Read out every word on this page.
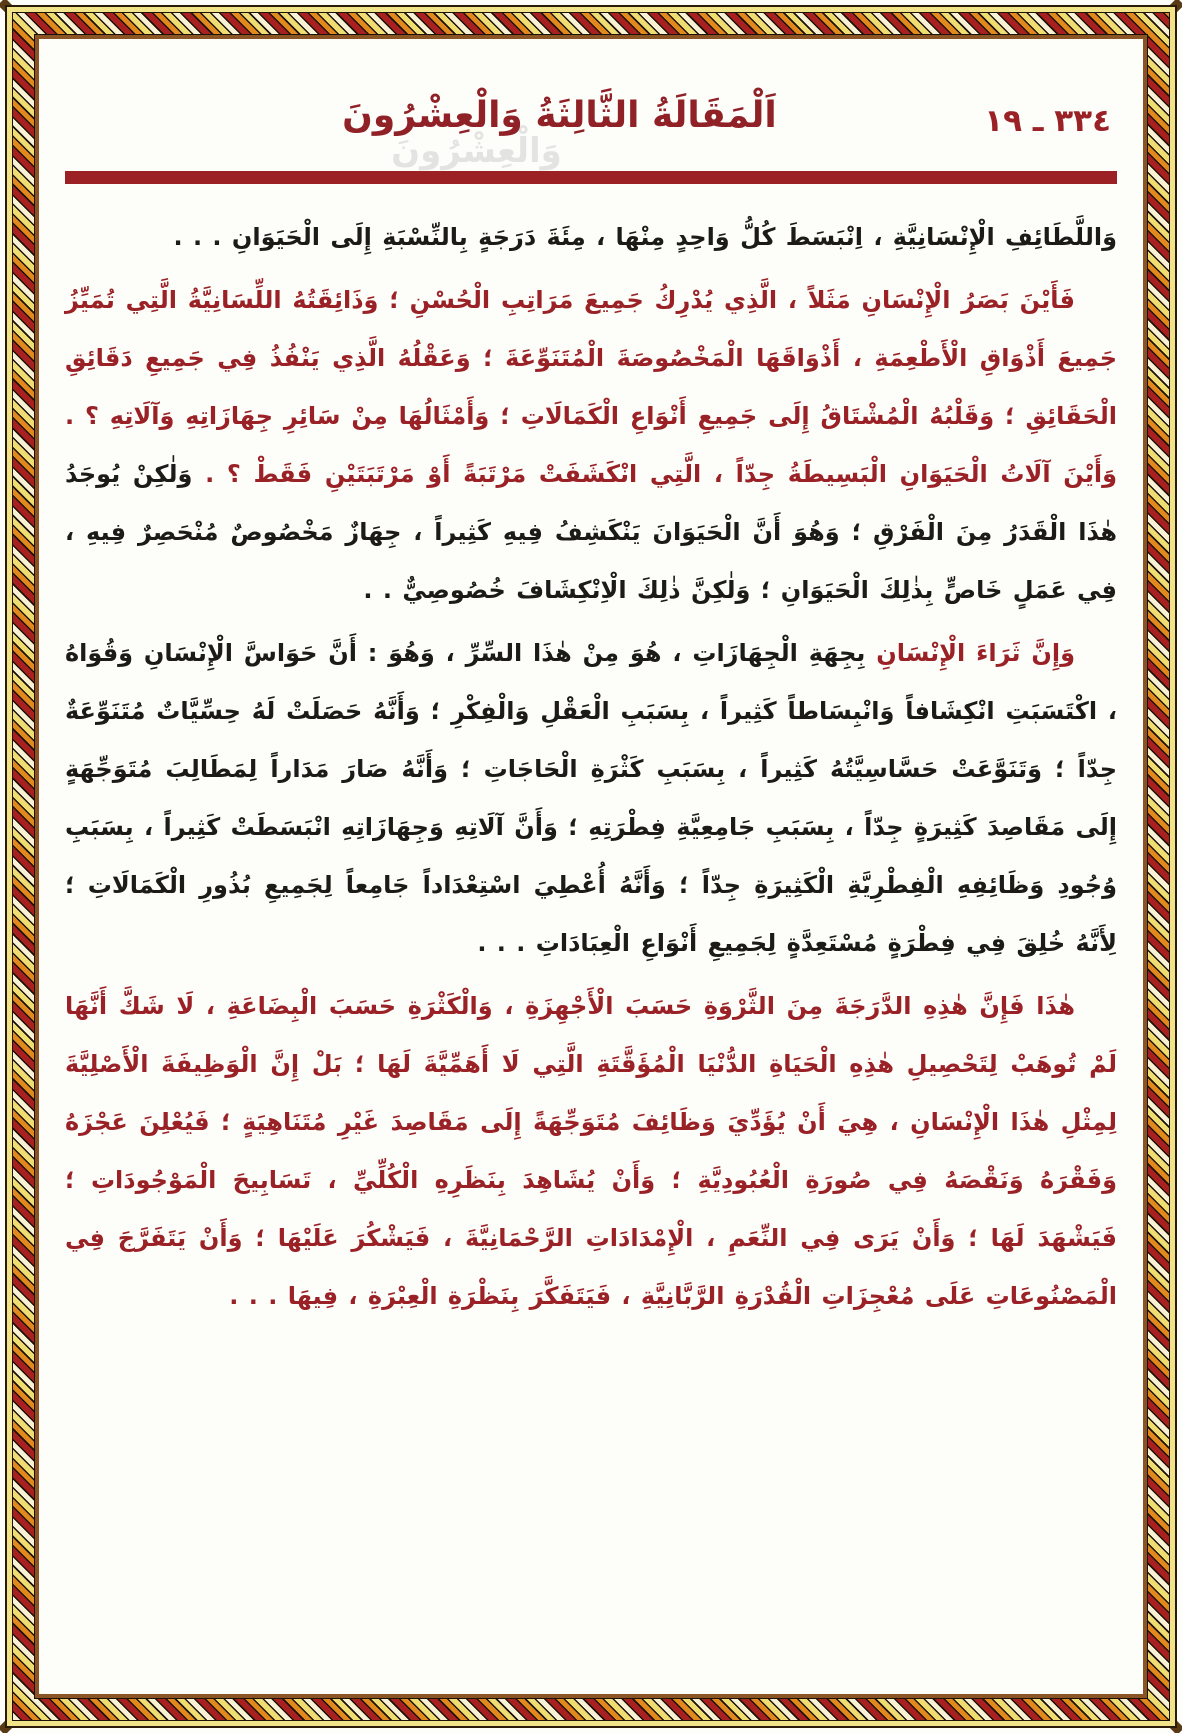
٣٣٤ ـ ١٩
وَالْعِشْرُونَ
اَلْمَقَالَةُ الثَّالِثَةُ وَالْعِشْرُونَ

وَاللَّطَائِفِ الْإِنْسَانِيَّةِ ، اِنْبَسَطَ كُلُّ وَاحِدٍ مِنْهَا ، مِئَةَ دَرَجَةٍ بِالنِّسْبَةِ إِلَى الْحَيَوَانِ . . .

فَأَيْنَ بَصَرُ الْإِنْسَانِ مَثَلاً ، الَّذِي يُدْرِكُ جَمِيعَ مَرَاتِبِ الْحُسْنِ ؛ وَذَائِقَتُهُ اللِّسَانِيَّةُ الَّتِي تُمَيِّزُ جَمِيعَ أَذْوَاقِ الْأَطْعِمَةِ ، أَذْوَاقَهَا الْمَخْصُوصَةَ الْمُتَنَوِّعَةَ ؛ وَعَقْلُهُ الَّذِي يَنْفُذُ فِي جَمِيعِ دَقَائِقِ الْحَقَائِقِ ؛ وَقَلْبُهُ الْمُشْتَاقُ إِلَى جَمِيعِ أَنْوَاعِ الْكَمَالَاتِ ؛ وَأَمْثَالُهَا مِنْ سَائِرِ جِهَازَاتِهِ وَآلَاتِهِ ؟ . وَأَيْنَ آلَاتُ الْحَيَوَانِ الْبَسِيطَةُ جِدّاً ، الَّتِي انْكَشَفَتْ مَرْتَبَةً أَوْ مَرْتَبَتَيْنِ فَقَطْ ؟ . وَلٰكِنْ يُوجَدُ هٰذَا الْقَدَرُ مِنَ الْفَرْقِ ؛ وَهُوَ أَنَّ الْحَيَوَانَ يَنْكَشِفُ فِيهِ كَثِيراً ، جِهَازٌ مَخْصُوصٌ مُنْحَصِرٌ فِيهِ ، فِي عَمَلٍ خَاصٍّ بِذٰلِكَ الْحَيَوَانِ ؛ وَلٰكِنَّ ذٰلِكَ الْاِنْكِشَافَ خُصُوصِيٌّ . .

وَإِنَّ ثَرَاءَ الْإِنْسَانِ بِجِهَةِ الْجِهَازَاتِ ، هُوَ مِنْ هٰذَا السِّرِّ ، وَهُوَ : أَنَّ حَوَاسَّ الْإِنْسَانِ وَقُوَاهُ ، اكْتَسَبَتِ انْكِشَافاً وَانْبِسَاطاً كَثِيراً ، بِسَبَبِ الْعَقْلِ وَالْفِكْرِ ؛ وَأَنَّهُ حَصَلَتْ لَهُ حِسِّيَّاتٌ مُتَنَوِّعَةٌ جِدّاً ؛ وَتَنَوَّعَتْ حَسَّاسِيَّتُهُ كَثِيراً ، بِسَبَبِ كَثْرَةِ الْحَاجَاتِ ؛ وَأَنَّهُ صَارَ مَدَاراً لِمَطَالِبَ مُتَوَجِّهَةٍ إِلَى مَقَاصِدَ كَثِيرَةٍ جِدّاً ، بِسَبَبِ جَامِعِيَّةِ فِطْرَتِهِ ؛ وَأَنَّ آلَاتِهِ وَجِهَازَاتِهِ انْبَسَطَتْ كَثِيراً ، بِسَبَبِ وُجُودِ وَظَائِفِهِ الْفِطْرِيَّةِ الْكَثِيرَةِ جِدّاً ؛ وَأَنَّهُ أُعْطِيَ اسْتِعْدَاداً جَامِعاً لِجَمِيعِ بُذُورِ الْكَمَالَاتِ ؛ لِأَنَّهُ خُلِقَ فِي فِطْرَةٍ مُسْتَعِدَّةٍ لِجَمِيعِ أَنْوَاعِ الْعِبَادَاتِ . . .

هٰذَا فَإِنَّ هٰذِهِ الدَّرَجَةَ مِنَ الثَّرْوَةِ حَسَبَ الْأَجْهِزَةِ ، وَالْكَثْرَةِ حَسَبَ الْبِضَاعَةِ ، لَا شَكَّ أَنَّهَا لَمْ تُوهَبْ لِتَحْصِيلِ هٰذِهِ الْحَيَاةِ الدُّنْيَا الْمُؤَقَّتَةِ الَّتِي لَا أَهَمِّيَّةَ لَهَا ؛ بَلْ إِنَّ الْوَظِيفَةَ الْأَصْلِيَّةَ لِمِثْلِ هٰذَا الْإِنْسَانِ ، هِيَ أَنْ يُؤَدِّيَ وَظَائِفَ مُتَوَجِّهَةً إِلَى مَقَاصِدَ غَيْرِ مُتَنَاهِيَةٍ ؛ فَيُعْلِنَ عَجْزَهُ وَفَقْرَهُ وَنَقْصَهُ فِي صُورَةِ الْعُبُودِيَّةِ ؛ وَأَنْ يُشَاهِدَ بِنَظَرِهِ الْكُلِّيِّ ، تَسَابِيحَ الْمَوْجُودَاتِ ؛ فَيَشْهَدَ لَهَا ؛ وَأَنْ يَرَى فِي النِّعَمِ ، الْإِمْدَادَاتِ الرَّحْمَانِيَّةَ ، فَيَشْكُرَ عَلَيْهَا ؛ وَأَنْ يَتَفَرَّجَ فِي الْمَصْنُوعَاتِ عَلَى مُعْجِزَاتِ الْقُدْرَةِ الرَّبَّانِيَّةِ ، فَيَتَفَكَّرَ بِنَظْرَةِ الْعِبْرَةِ ، فِيهَا . . .
